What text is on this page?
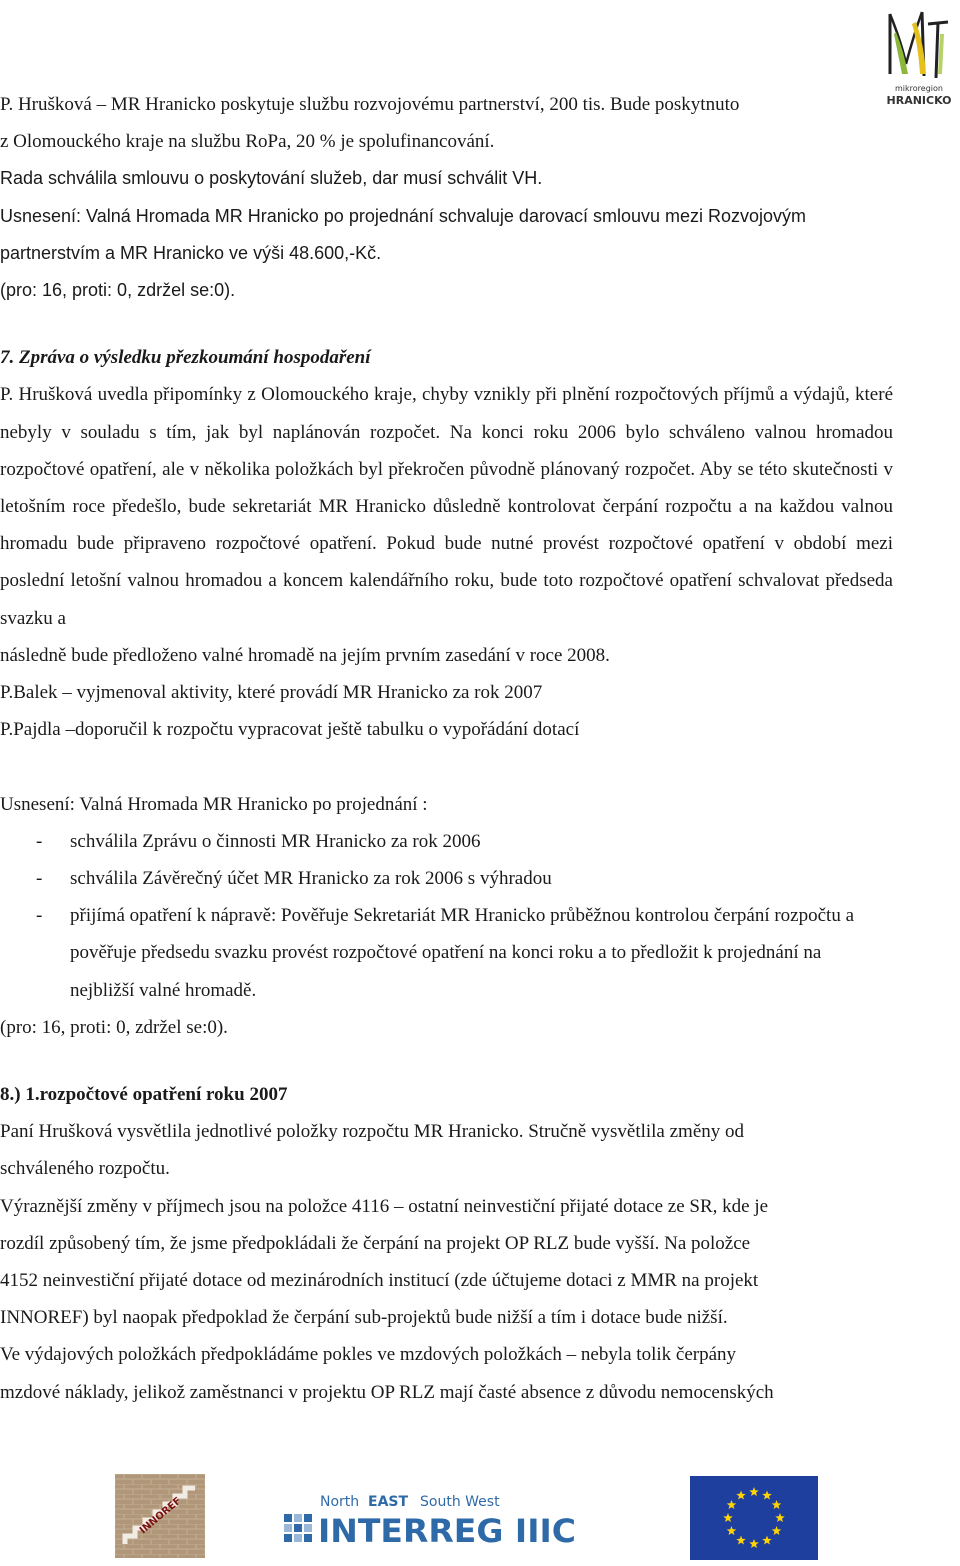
mikroregion
HRANICKO

P. Hrušková – MR Hranicko poskytuje službu rozvojovému partnerství, 200 tis. Bude poskytnuto

z Olomouckého kraje na službu RoPa, 20 % je spolufinancování.

Rada schválila smlouvu o poskytování služeb, dar musí schválit VH.

Usnesení: Valná Hromada MR Hranicko po projednání schvaluje darovací smlouvu mezi Rozvojovým

partnerstvím a MR Hranicko ve výši 48.600,-Kč.

(pro: 16, proti: 0, zdržel se:0).

7. Zpráva o výsledku přezkoumání hospodaření

P. Hrušková uvedla připomínky z Olomouckého kraje, chyby vznikly při plnění rozpočtových příjmů a výdajů, které nebyly v souladu s tím, jak byl naplánován rozpočet. Na konci roku 2006 bylo schváleno valnou hromadou rozpočtové opatření, ale v několika položkách byl překročen původně plánovaný rozpočet. Aby se této skutečnosti v letošním roce předešlo, bude sekretariát MR Hranicko důsledně kontrolovat čerpání rozpočtu a na každou valnou hromadu bude připraveno rozpočtové opatření. Pokud bude nutné provést rozpočtové opatření v období mezi poslední letošní valnou hromadou a koncem kalendářního roku, bude toto rozpočtové opatření schvalovat předseda svazku a

následně bude předloženo valné hromadě na jejím prvním zasedání v roce 2008.

P.Balek – vyjmenoval aktivity, které provádí MR Hranicko za rok 2007

P.Pajdla –doporučil k rozpočtu vypracovat ještě tabulku o vypořádání dotací

Usnesení: Valná Hromada MR Hranicko po projednání :

-	schválila Zprávu o činnosti MR Hranicko za rok 2006
-	schválila Závěrečný účet MR Hranicko za rok 2006 s výhradou
-	přijímá opatření k nápravě: Pověřuje Sekretariát MR Hranicko průběžnou kontrolou čerpání rozpočtu a pověřuje předsedu svazku provést rozpočtové opatření na konci roku a to předložit k projednání na nejbližší valné hromadě.

(pro: 16, proti: 0, zdržel se:0).

8.) 1.rozpočtové opatření roku 2007

Paní Hrušková vysvětlila jednotlivé položky rozpočtu MR Hranicko. Stručně vysvětlila změny od

schváleného rozpočtu.

Výraznější změny v příjmech jsou na položce 4116 – ostatní neinvestiční přijaté dotace ze SR, kde je

rozdíl způsobený tím, že jsme předpokládali že čerpání na projekt OP RLZ bude vyšší. Na položce

4152 neinvestiční přijaté dotace od mezinárodních institucí (zde účtujeme dotaci z MMR na projekt

INNOREF) byl naopak předpoklad že čerpání sub-projektů bude nižší a tím i dotace bude nižší.

Ve výdajových položkách předpokládáme pokles ve mzdových položkách – nebyla tolik čerpány

mzdové náklady, jelikož zaměstnanci v projektu OP RLZ mají časté absence z důvodu nemocenských

INNOREF	North EAST South West
INTERREG IIIC
